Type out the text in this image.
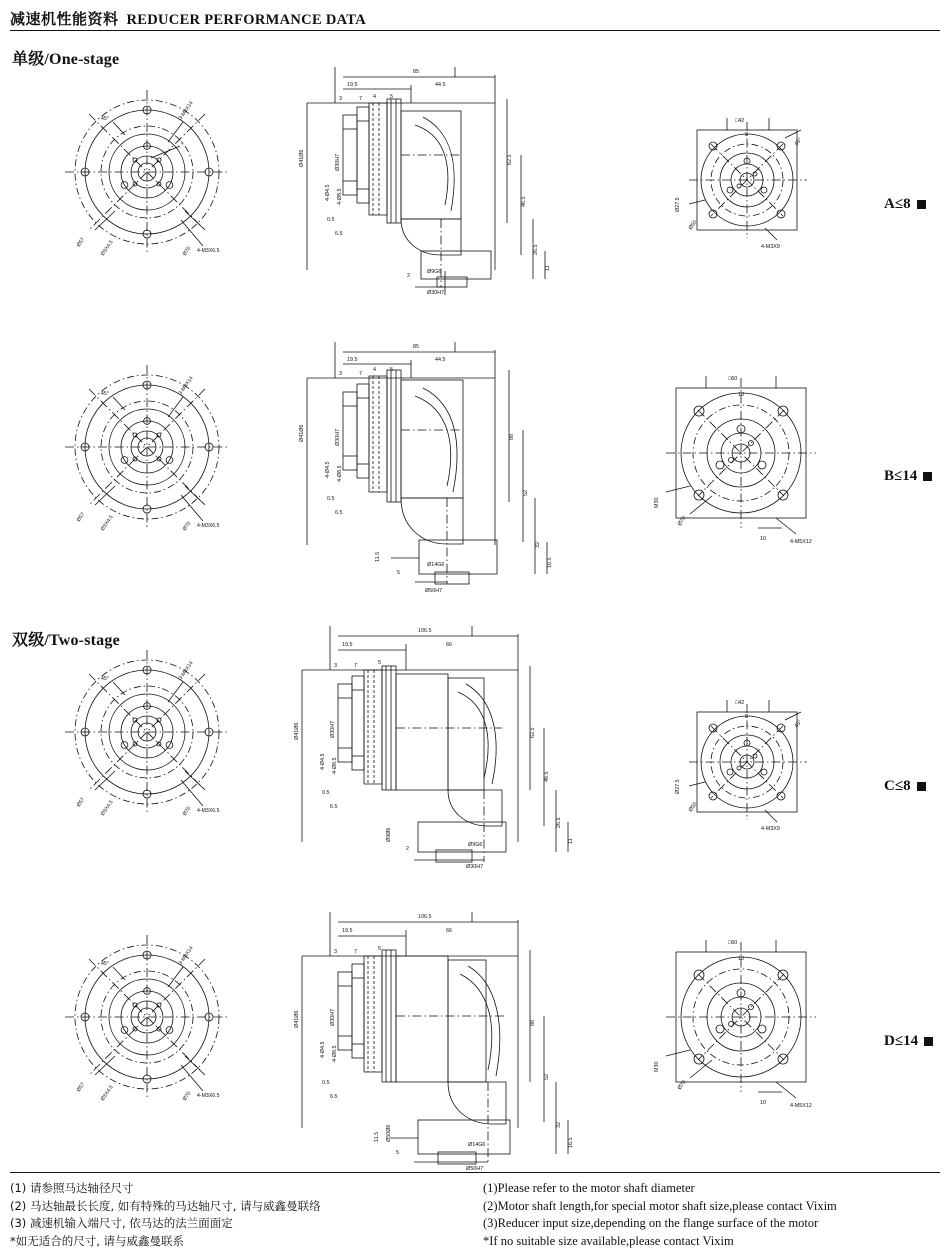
减速机性能资料 REDUCER PERFORMANCE DATA
单级/One-stage
双级/Two-stage
A≤8
B≤14
C≤8
D≤14
45°	3-M8X14
\
Ø57	Ø3X4.5	Ø70 4-M3X6.5
85
19.5	44.5
3	7 4	5
Ø41Ø6	Ø30H7
4-Ø4.5 4-Ø8.5
0.5
6.5
62.5
46.5
26.5
11
2
Ø9G6
Ø30H7
□42
8
45°
Ø27.5
Ø50
4-M3X9
45°	3-M8X14
Ø57	Ø3X4.5	Ø70 4-M3X6.5
85
19.5	44.5
3	7
4	5
Ø41Ø6	Ø30H7
4-Ø4.5 4-Ø8.5
0.5
6.5
88
52
32
16.5
11.5
5
Ø14G6
Ø50H7
□60
10
M30
Ø70
10	4-M5X12
45°	3-M8X14
Ø57	Ø3X4.5	Ø70 4-M3X6.5
106.5
19.5	66
3	7	5
Ø41Ø6	Ø30H7
4-Ø4.5 4-Ø8.5
0.5
6.5
Ø9Ø6
62.5
46.5
26.5
11
2
Ø9G6
Ø30H7
□42
8
45°
Ø27.5
Ø50
4-M3X9
45°	3-M8X14
Ø57	Ø3X4.5	Ø70 4-M3X6.5
106.5
19.5	66
3	7	5
Ø41Ø6	Ø30H7
4-Ø4.5 4-Ø8.5
0.5
6.5
Ø50Ø6
88
52
32
16.5
11.5
5
Ø14G6
Ø50H7
□60
10
M30
Ø70
10	4-M5X12
(1) 请参照马达轴径尺寸
(2) 马达轴最长长度, 如有特殊的马达轴尺寸, 请与威鑫曼联络
(3) 减速机输入端尺寸, 依马达的法兰面面定
*如无适合的尺寸, 请与威鑫曼联系
(1)Please refer to the motor shaft diameter
(2)Motor shaft length,for special motor shaft size,please contact Vixim
(3)Reducer input size,depending on the flange surface of the motor
*If no suitable size available,please contact Vixim
